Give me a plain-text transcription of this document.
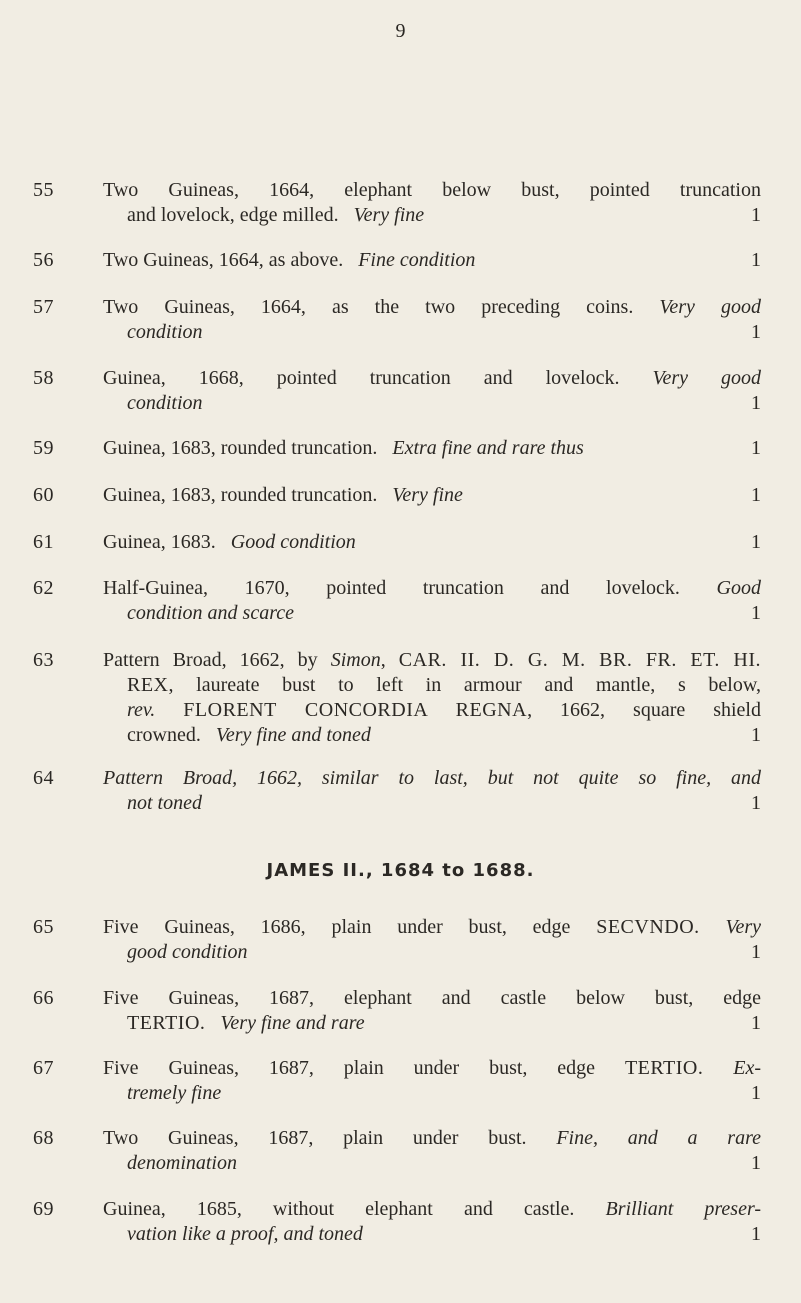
9
55	Two Guineas, 1664, elephant below bust, pointed truncation
and lovelock, edge milled. Very fine	1
56	Two Guineas, 1664, as above. Fine condition	1
57	Two Guineas, 1664, as the two preceding coins. Very good
condition	1
58	Guinea, 1668, pointed truncation and lovelock. Very good
condition	1
59	Guinea, 1683, rounded truncation. Extra fine and rare thus	1
60	Guinea, 1683, rounded truncation. Very fine	1
61	Guinea, 1683. Good condition	1
62	Half-Guinea, 1670, pointed truncation and lovelock. Good
condition and scarce	1
63	Pattern Broad, 1662, by Simon, CAR. II. D. G. M. BR. FR. ET. HI.
REX, laureate bust to left in armour and mantle, s below,
rev. FLORENT CONCORDIA REGNA, 1662, square shield
crowned. Very fine and toned	1
64	Pattern Broad, 1662, similar to last, but not quite so fine, and
not toned	1
JAMES II., 1684 to 1688.
65	Five Guineas, 1686, plain under bust, edge SECVNDO. Very
good condition	1
66	Five Guineas, 1687, elephant and castle below bust, edge
TERTIO. Very fine and rare	1
67	Five Guineas, 1687, plain under bust, edge TERTIO. Ex-
tremely fine	1
68	Two Guineas, 1687, plain under bust. Fine, and a rare
denomination	1
69	Guinea, 1685, without elephant and castle. Brilliant preser-
vation like a proof, and toned	1
